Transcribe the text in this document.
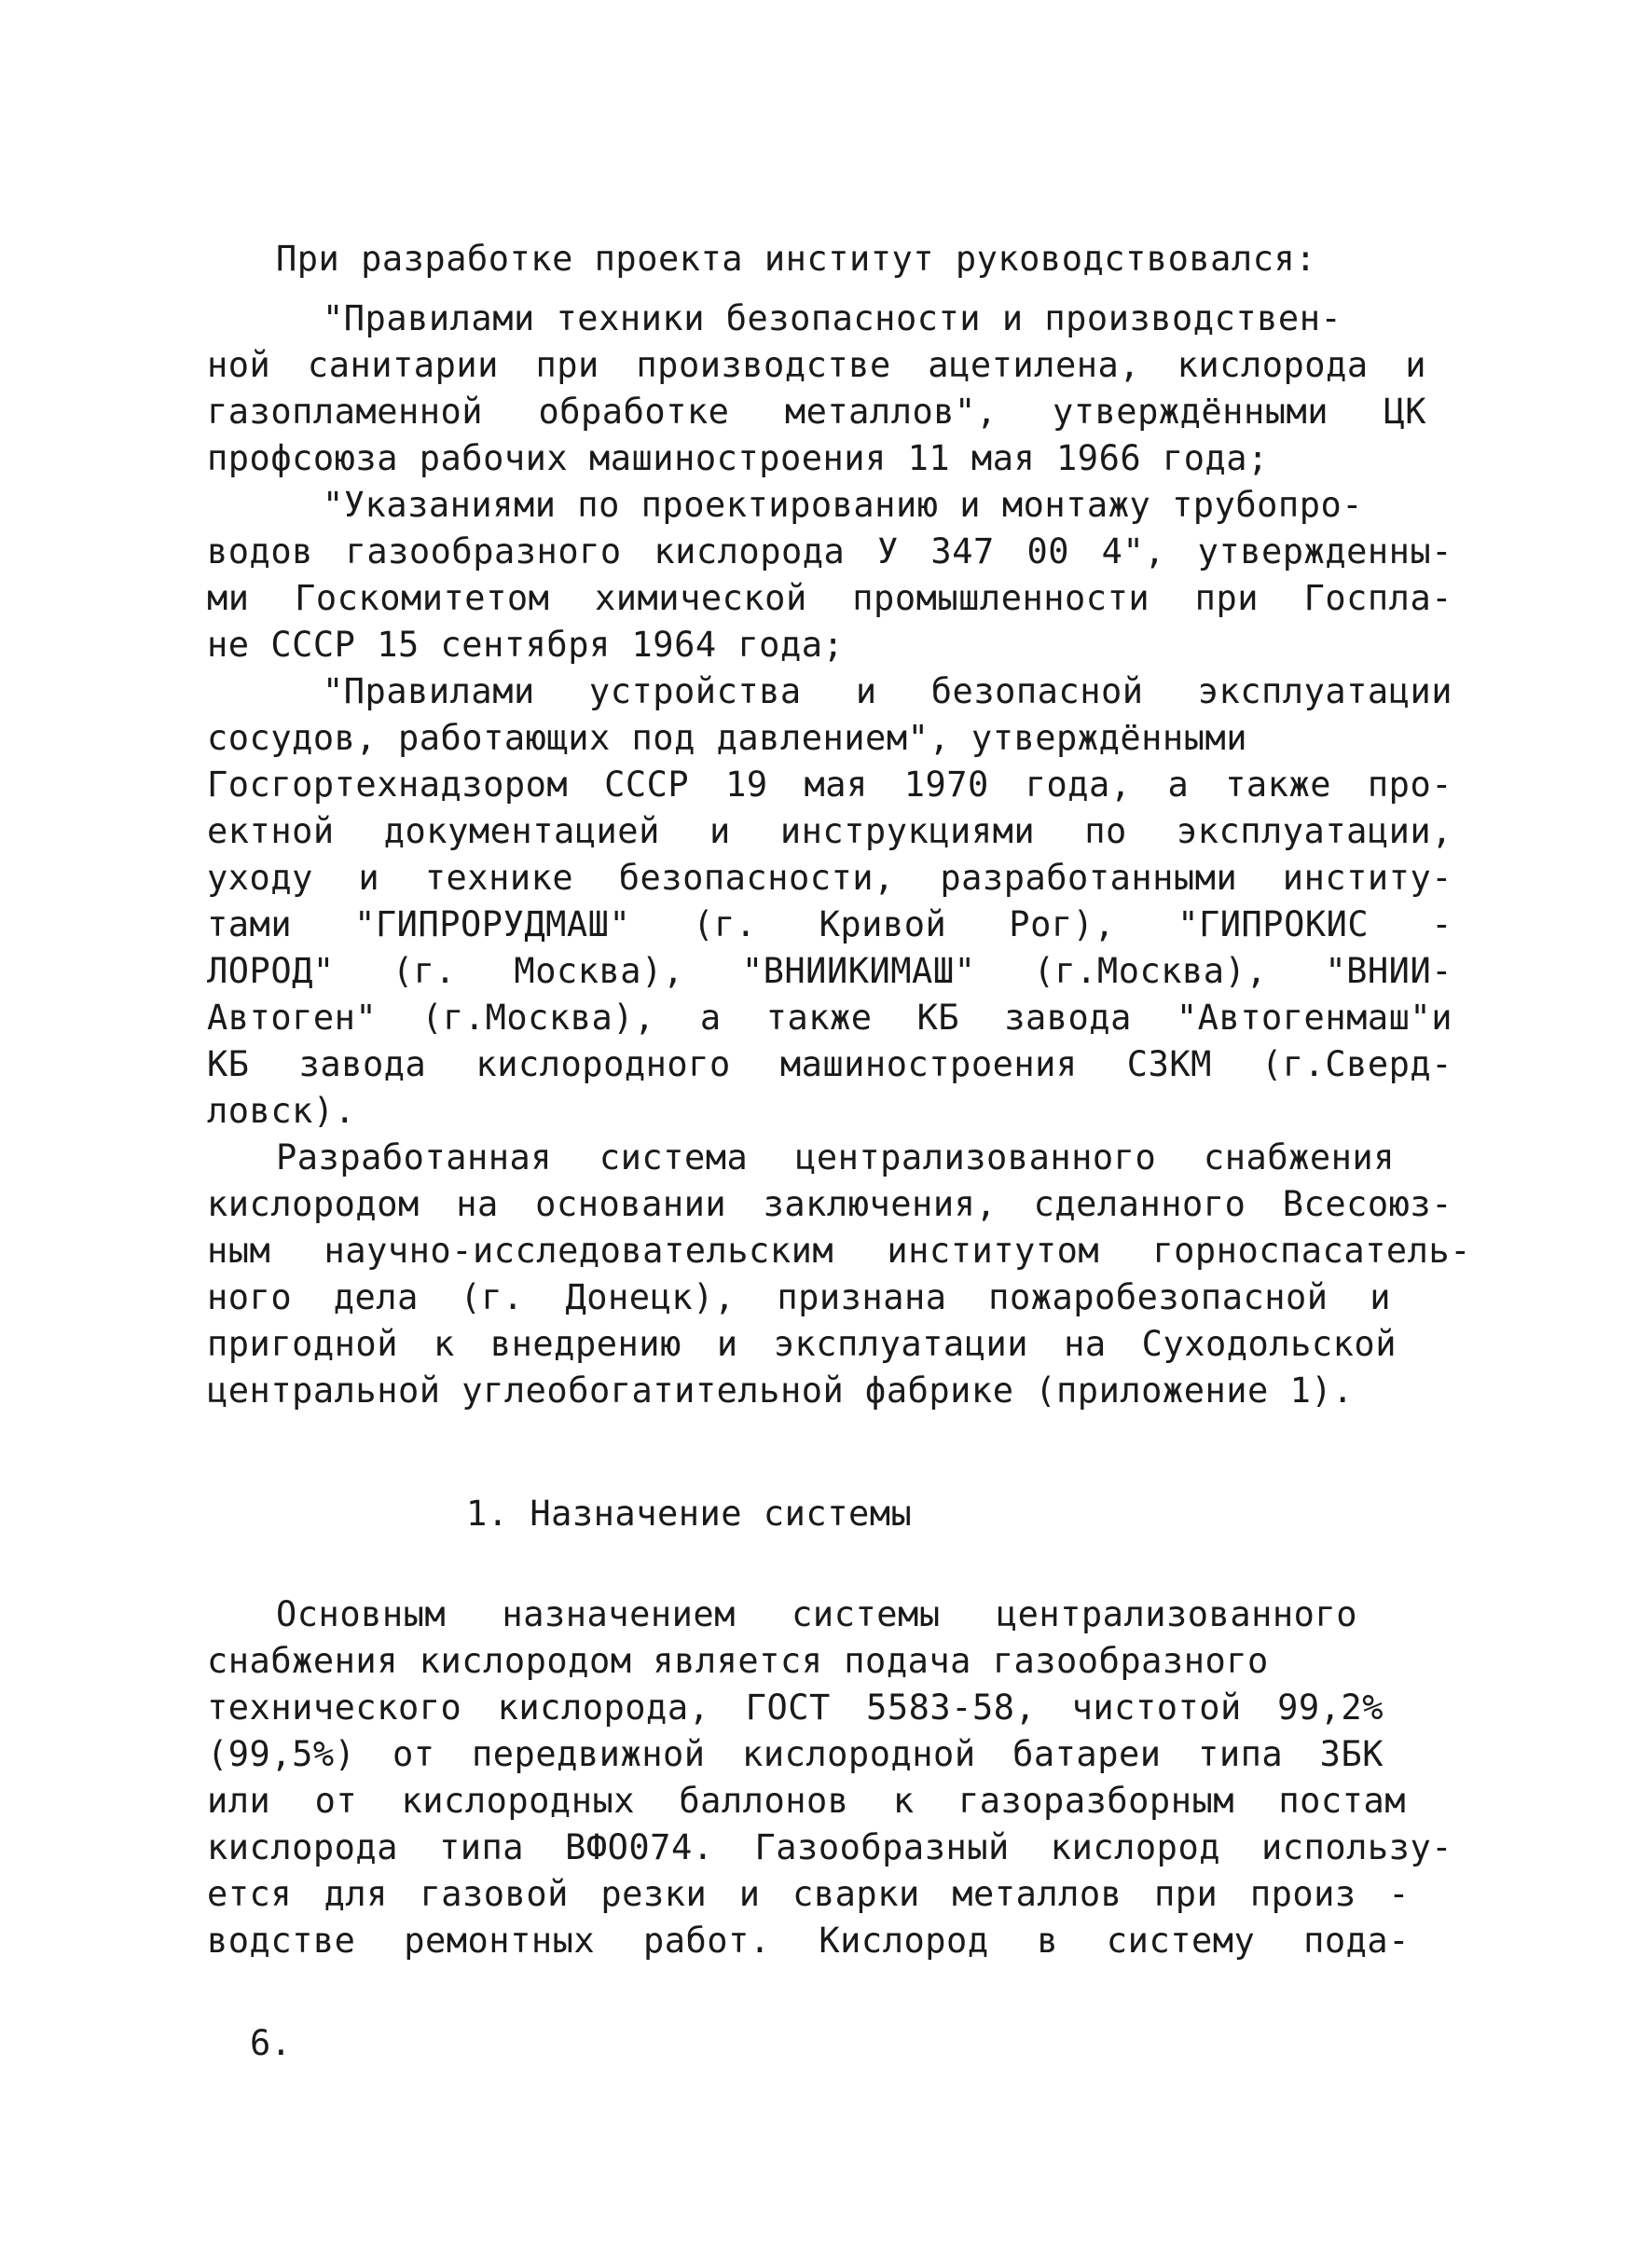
При разработке проекта институт руководствовался:
"Правилами техники безопасности и производствен-
ной санитарии при производстве ацетилена, кислорода и
газопламенной обработке металлов", утверждёнными ЦК
профсоюза рабочих машиностроения 11 мая 1966 года;
"Указаниями по проектированию и монтажу трубопро-
водов газообразного кислорода У 347 00 4", утвержденны-
ми Госкомитетом химической промышленности при Госпла-
не СССР 15 сентября 1964 года;
"Правилами устройства и безопасной эксплуатации
сосудов, работающих под давлением", утверждёнными
Госгортехнадзором СССР 19 мая 1970 года, а также про-
ектной документацией и инструкциями по эксплуатации,
уходу и технике безопасности, разработанными институ-
тами "ГИПРОРУДМАШ" (г. Кривой Рог), "ГИПРОКИС -
ЛОРОД" (г. Москва), "ВНИИКИМАШ" (г.Москва), "ВНИИ-
Автоген" (г.Москва), а также КБ завода "Автогенмаш"и
КБ завода кислородного машиностроения СЗКМ (г.Сверд-
ловск).
Разработанная система централизованного снабжения
кислородом на основании заключения, сделанного Всесоюз-
ным научно-исследовательским институтом горноспасатель-
ного дела (г. Донецк), признана пожаробезопасной и
пригодной к внедрению и эксплуатации на Суходольской
центральной углеобогатительной фабрике (приложение 1).
1. Назначение системы
Основным назначением системы централизованного
снабжения кислородом является подача газообразного
технического кислорода, ГОСТ 5583-58, чистотой 99,2%
(99,5%) от передвижной кислородной батареи типа ЗБК
или от кислородных баллонов к газоразборным постам
кислорода типа ВФО074. Газообразный кислород использу-
ется для газовой резки и сварки металлов при произ -
водстве ремонтных работ. Кислород в систему пода-
6.
